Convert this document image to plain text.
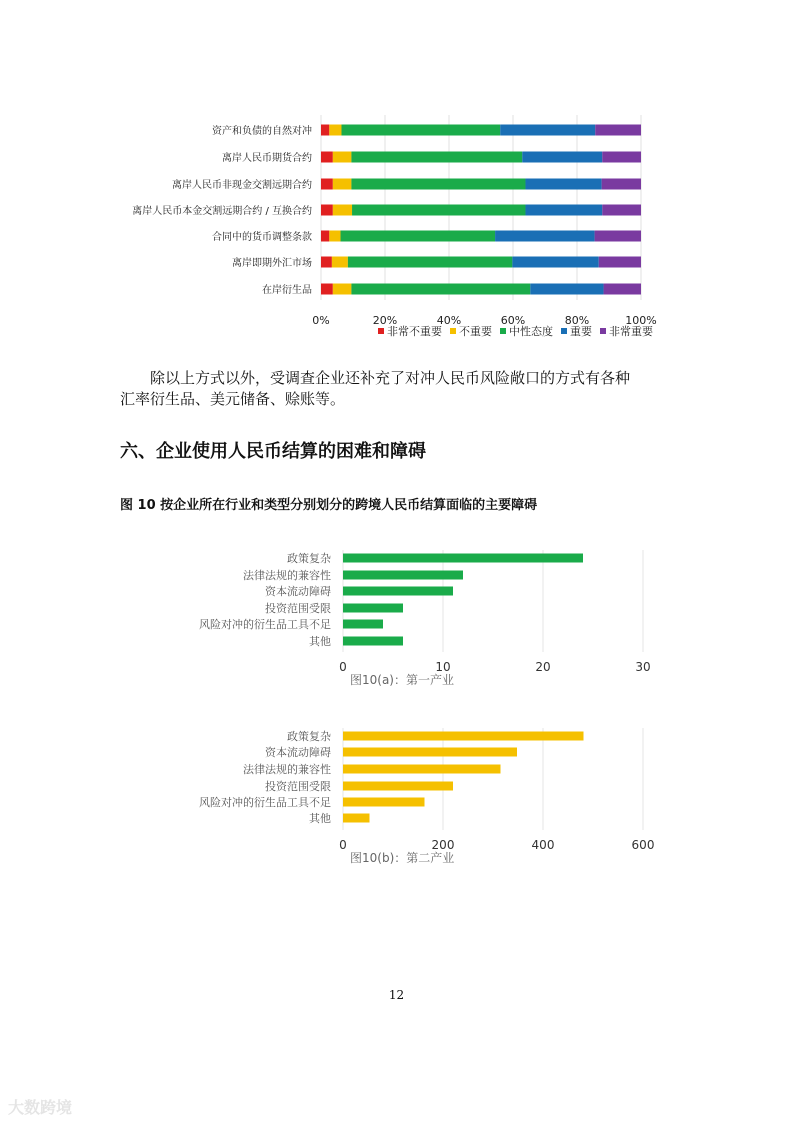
0%	20%	40%	60%	80%	100%
资产和负债的自然对冲
离岸人民币期货合约
离岸人民币非现金交割远期合约
离岸人民币本金交割远期合约 / 互换合约
合同中的货币调整条款
离岸即期外汇市场
在岸衍生品
非常不重要 不重要 中性态度 重要 非常重要
0	10	20	30
政策复杂
法律法规的兼容性
资本流动障碍
投资范围受限
风险对冲的衍生品工具不足
其他
图10(a)：第一产业
0	200	400	600
政策复杂
资本流动障碍
法律法规的兼容性
投资范围受限
风险对冲的衍生品工具不足
其他
图10(b)：第二产业
除以上方式以外，受调查企业还补充了对冲人民币风险敞口的方式有各种
汇率衍生品、美元储备、赊账等。
六、企业使用人民币结算的困难和障碍
图 10 按企业所在行业和类型分别划分的跨境人民币结算面临的主要障碍
12
大数跨境
